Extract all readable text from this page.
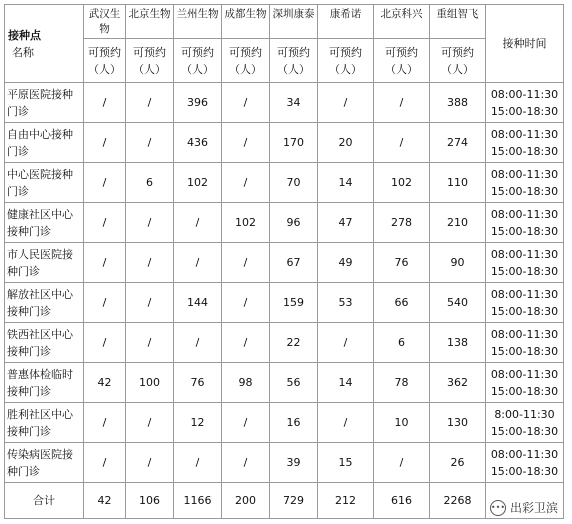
接种点
名称	武汉生物	北京生物	兰州生物	成都生物	深圳康泰	康希诺	北京科兴	重组智飞	接种时间
	可预约（人）	可预约（人）	可预约（人）	可预约（人）	可预约（人）	可预约（人）	可预约（人）	可预约（人）	
平原医院接种门诊	/	/	396	/	34	/	/	388	08:00-11:30
15:00-18:30

自由中心接种门诊	/	/	436	/	170	20	/	274	08:00-11:30
15:00-18:30

中心医院接种门诊	/	6	102	/	70	14	102	110	08:00-11:30
15:00-18:30

健康社区中心接种门诊	/	/	/	102	96	47	278	210	08:00-11:30
15:00-18:30

市人民医院接种门诊	/	/	/	/	67	49	76	90	08:00-11:30
15:00-18:30

解放社区中心接种门诊	/	/	144	/	159	53	66	540	08:00-11:30
15:00-18:30

铁西社区中心接种门诊	/	/	/	/	22	/	6	138	08:00-11:30
15:00-18:30

普惠体检临时接种门诊	42	100	76	98	56	14	78	362	08:00-11:30
15:00-18:30

胜利社区中心接种门诊	/	/	12	/	16	/	10	130	8:00-11:30
15:00-18:30

传染病医院接种门诊	/	/	/	/	39	15	/	26	08:00-11:30
15:00-18:30

合计	42	106	1166	200	729	212	616	2268	••• 出彩卫滨
